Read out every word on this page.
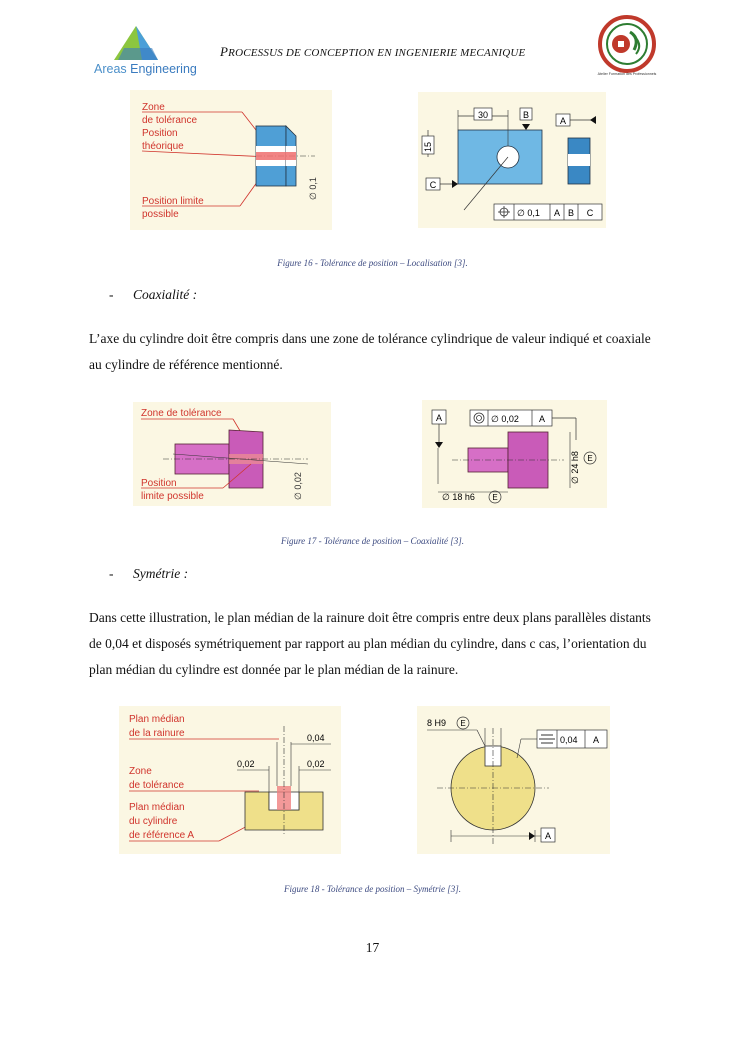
Areas Engineering
PROCESSUS DE CONCEPTION EN INGENIERIE MECANIQUE
Atelier Formation des Professionnels
Zone
de tolérance
Position
théorique
Position limite
possible
∅ 0,1
30
15
B
A
C
∅ 0,1 A B C
Figure 16 - Tolérance de position – Localisation [3].
- Coaxialité :
L’axe du cylindre doit être compris dans une zone de tolérance cylindrique de valeur indiqué et coaxiale au cylindre de référence mentionné.
Zone de tolérance
Position
limite possible	∅ 0,02
A	∅ 0,02 A
∅ 24 h8 E
∅ 18 h6 E
Figure 17 - Tolérance de position – Coaxialité [3].
- Symétrie :
Dans cette illustration, le plan médian de la rainure doit être compris entre deux plans parallèles distants de 0,04 et disposés symétriquement par rapport au plan médian du cylindre, dans c cas, l’orientation du plan médian du cylindre est donnée par le plan médian de la rainure.
Plan médian
de la rainure
Zone
de tolérance
Plan médian
du cylindre
de référence A
0,04
0,02	0,02
8 H9 E
0,04 A
A
Figure 18 - Tolérance de position – Symétrie [3].
17
